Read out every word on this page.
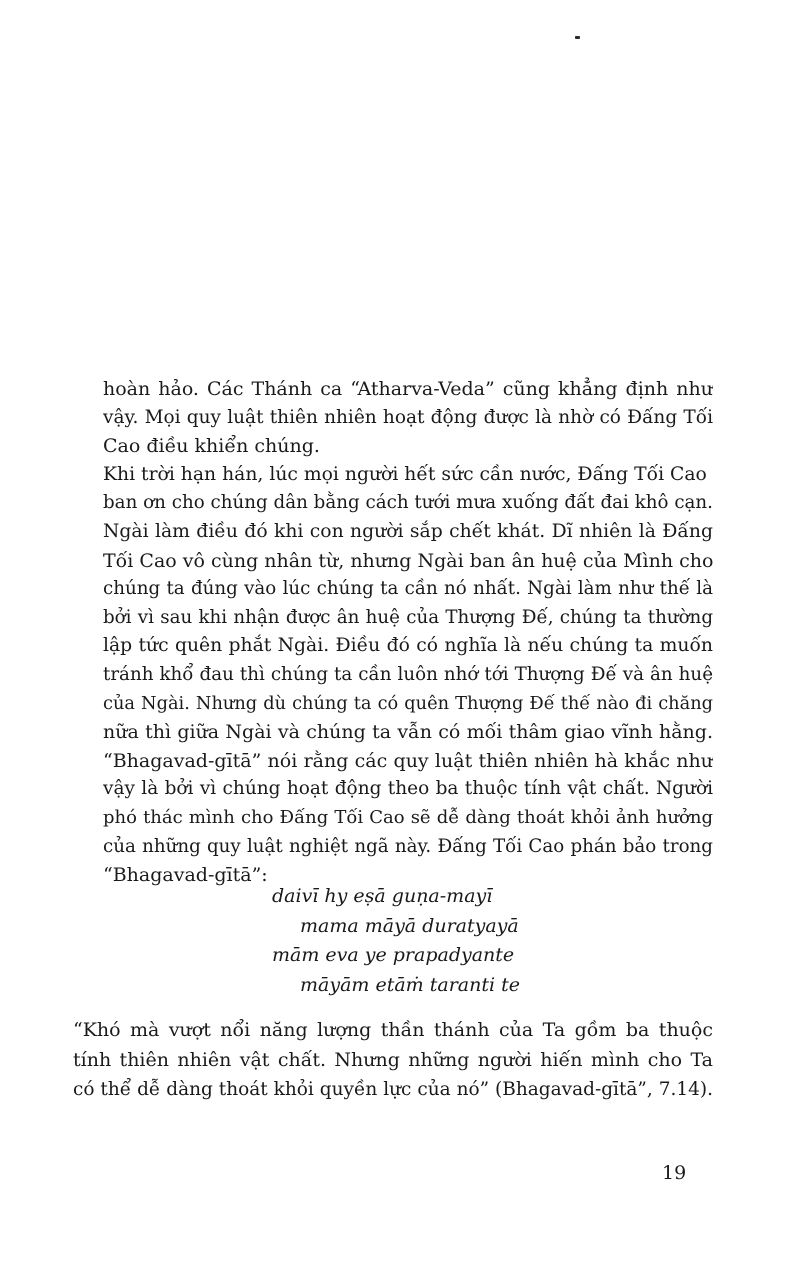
hoàn hảo. Các Thánh ca “Atharva-Veda” cũng khẳng định như
vậy. Mọi quy luật thiên nhiên hoạt động được là nhờ có Đấng Tối
Cao điều khiển chúng.
Khi trời hạn hán, lúc mọi người hết sức cần nước, Đấng Tối Cao
ban ơn cho chúng dân bằng cách tưới mưa xuống đất đai khô cạn.
Ngài làm điều đó khi con người sắp chết khát. Dĩ nhiên là Đấng
Tối Cao vô cùng nhân từ, nhưng Ngài ban ân huệ của Mình cho
chúng ta đúng vào lúc chúng ta cần nó nhất. Ngài làm như thế là
bởi vì sau khi nhận được ân huệ của Thượng Đế, chúng ta thường
lập tức quên phắt Ngài. Điều đó có nghĩa là nếu chúng ta muốn
tránh khổ đau thì chúng ta cần luôn nhớ tới Thượng Đế và ân huệ
của Ngài. Nhưng dù chúng ta có quên Thượng Đế thế nào đi chăng
nữa thì giữa Ngài và chúng ta vẫn có mối thâm giao vĩnh hằng.
“Bhagavad-gītā” nói rằng các quy luật thiên nhiên hà khắc như
vậy là bởi vì chúng hoạt động theo ba thuộc tính vật chất. Người
phó thác mình cho Đấng Tối Cao sẽ dễ dàng thoát khỏi ảnh hưởng
của những quy luật nghiệt ngã này. Đấng Tối Cao phán bảo trong
“Bhagavad-gītā”:
daivī hy eṣā guṇa-mayī
mama māyā duratyayā
mām eva ye prapadyante
māyām etāṁ taranti te
“Khó mà vượt nổi năng lượng thần thánh của Ta gồm ba thuộc
tính thiên nhiên vật chất. Nhưng những người hiến mình cho Ta
có thể dễ dàng thoát khỏi quyền lực của nó” (Bhagavad-gītā”, 7.14).
19
